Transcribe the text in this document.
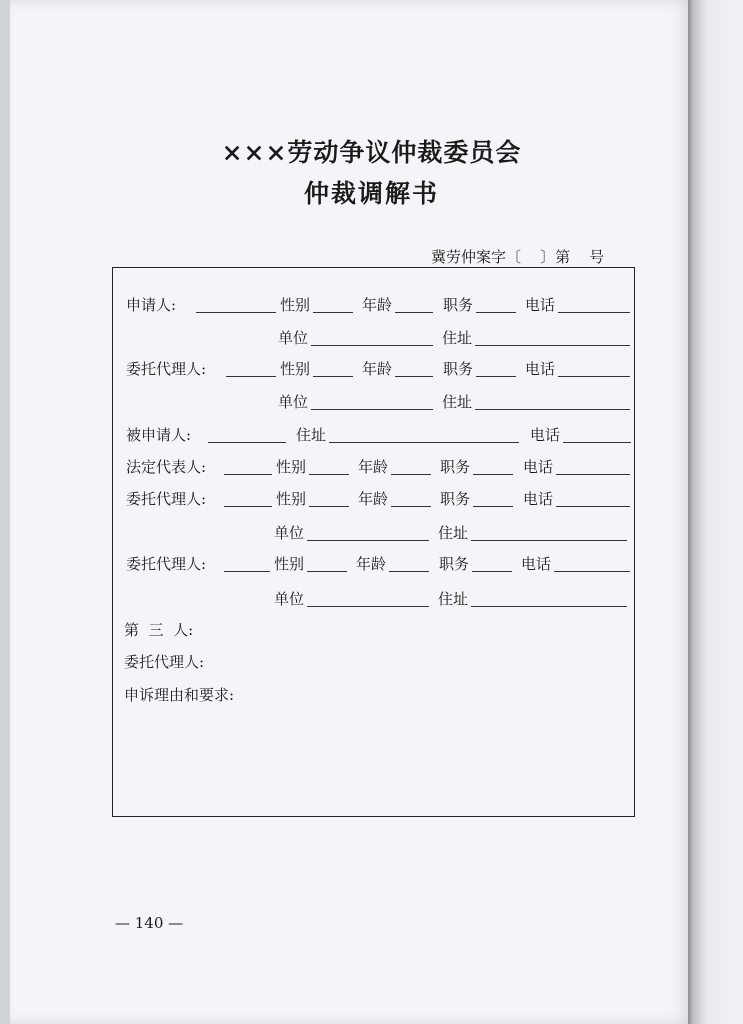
×××劳动争议仲裁委员会
仲裁调解书
冀劳仲案字〔    〕第    号
申请人:	性别	年龄	职务	电话
单位	住址
委托代理人:	性别	年龄	职务	电话
单位	住址
被申请人:	住址	电话
法定代表人:	性别	年龄	职务	电话
委托代理人:	性别	年龄	职务	电话
单位	住址
委托代理人:	性别	年龄	职务	电话
单位	住址
第  三  人:
委托代理人:
申诉理由和要求:
— 140 —
